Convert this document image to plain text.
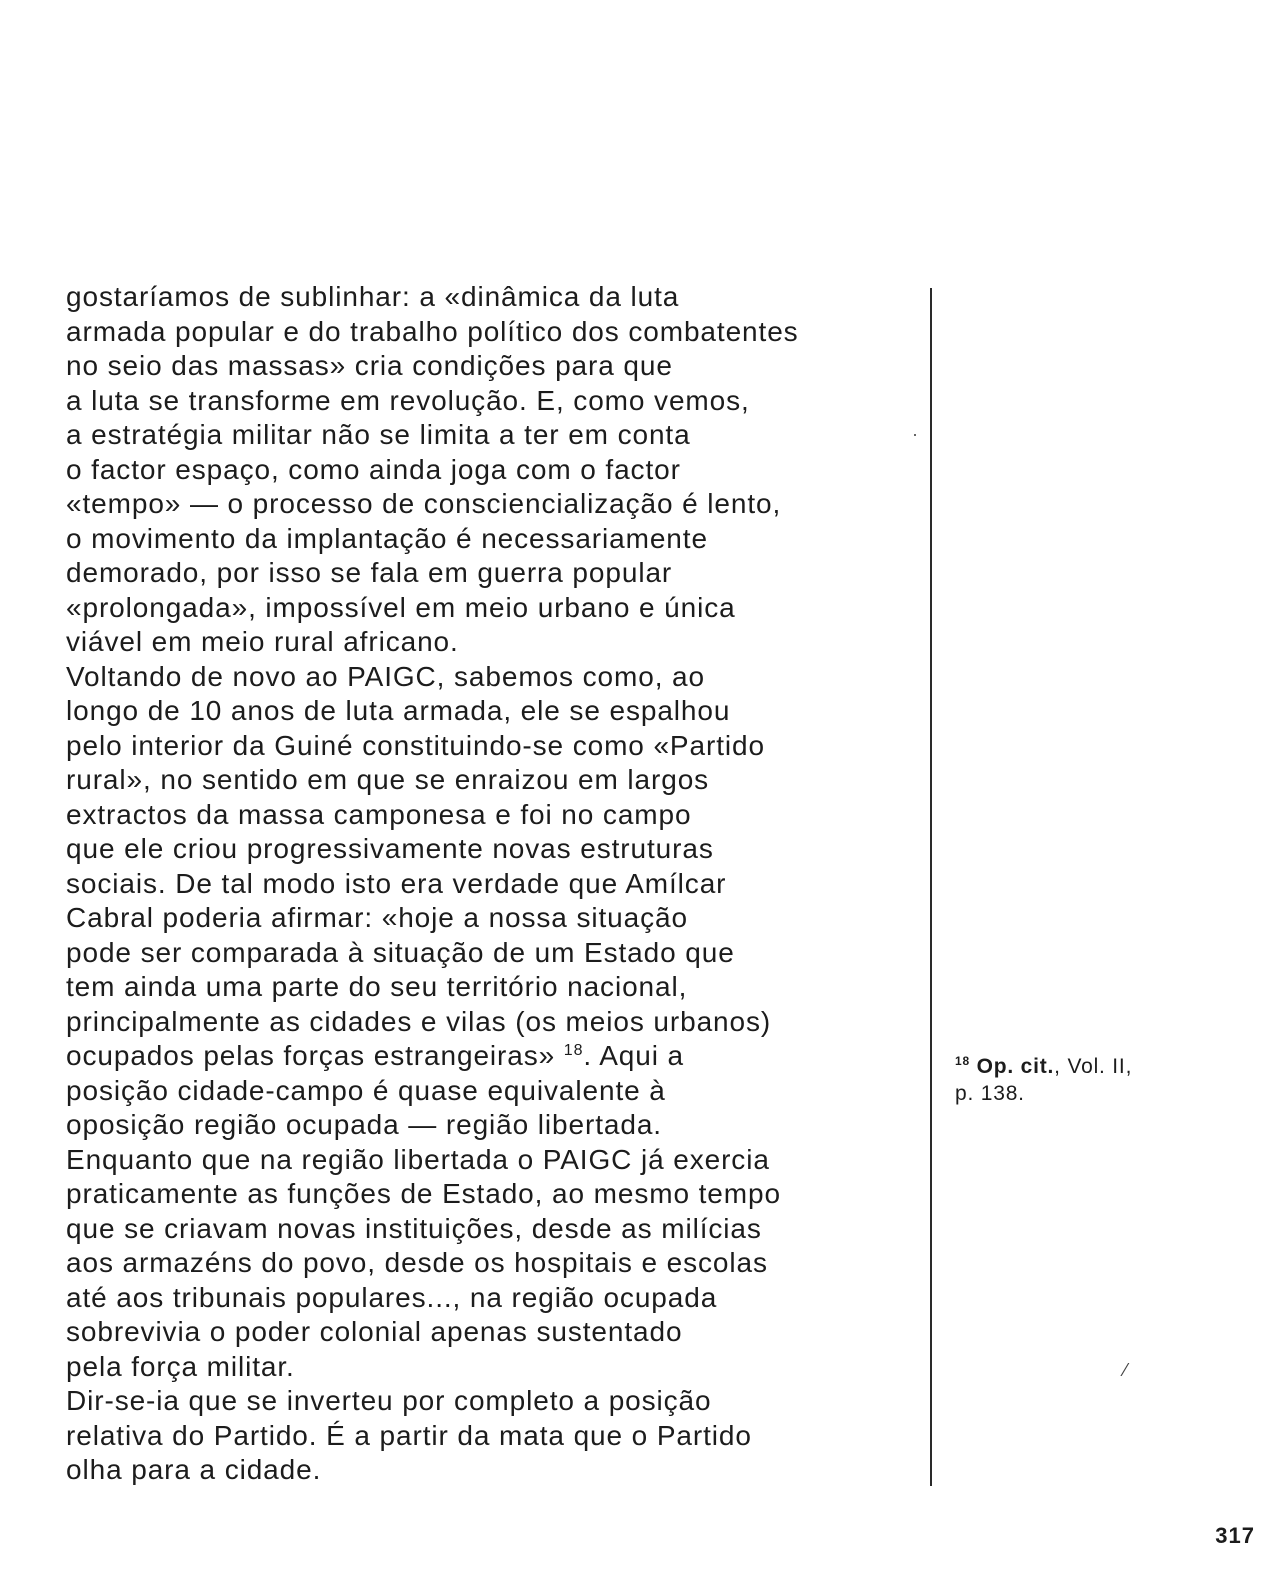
gostaríamos de sublinhar: a «dinâmica da luta
armada popular e do trabalho político dos combatentes
no seio das massas» cria condições para que
a luta se transforme em revolução. E, como vemos,
a estratégia militar não se limita a ter em conta
o factor espaço, como ainda joga com o factor
«tempo» — o processo de consciencialização é lento,
o movimento da implantação é necessariamente
demorado, por isso se fala em guerra popular
«prolongada», impossível em meio urbano e única
viável em meio rural africano.
Voltando de novo ao PAIGC, sabemos como, ao
longo de 10 anos de luta armada, ele se espalhou
pelo interior da Guiné constituindo-se como «Partido
rural», no sentido em que se enraizou em largos
extractos da massa camponesa e foi no campo
que ele criou progressivamente novas estruturas
sociais. De tal modo isto era verdade que Amílcar
Cabral poderia afirmar: «hoje a nossa situação
pode ser comparada à situação de um Estado que
tem ainda uma parte do seu território nacional,
principalmente as cidades e vilas (os meios urbanos)
ocupados pelas forças estrangeiras» $^{18}$. Aqui a
posição cidade-campo é quase equivalente à
oposição região ocupada — região libertada.
Enquanto que na região libertada o PAIGC já exercia
praticamente as funções de Estado, ao mesmo tempo
que se criavam novas instituições, desde as milícias
aos armazéns do povo, desde os hospitais e escolas
até aos tribunais populares..., na região ocupada
sobrevivia o poder colonial apenas sustentado
pela força militar.
Dir-se-ia que se inverteu por completo a posição
relativa do Partido. É a partir da mata que o Partido
olha para a cidade.
$^{18}$ Op. cit., Vol. II,
p. 138.
⁄
317
